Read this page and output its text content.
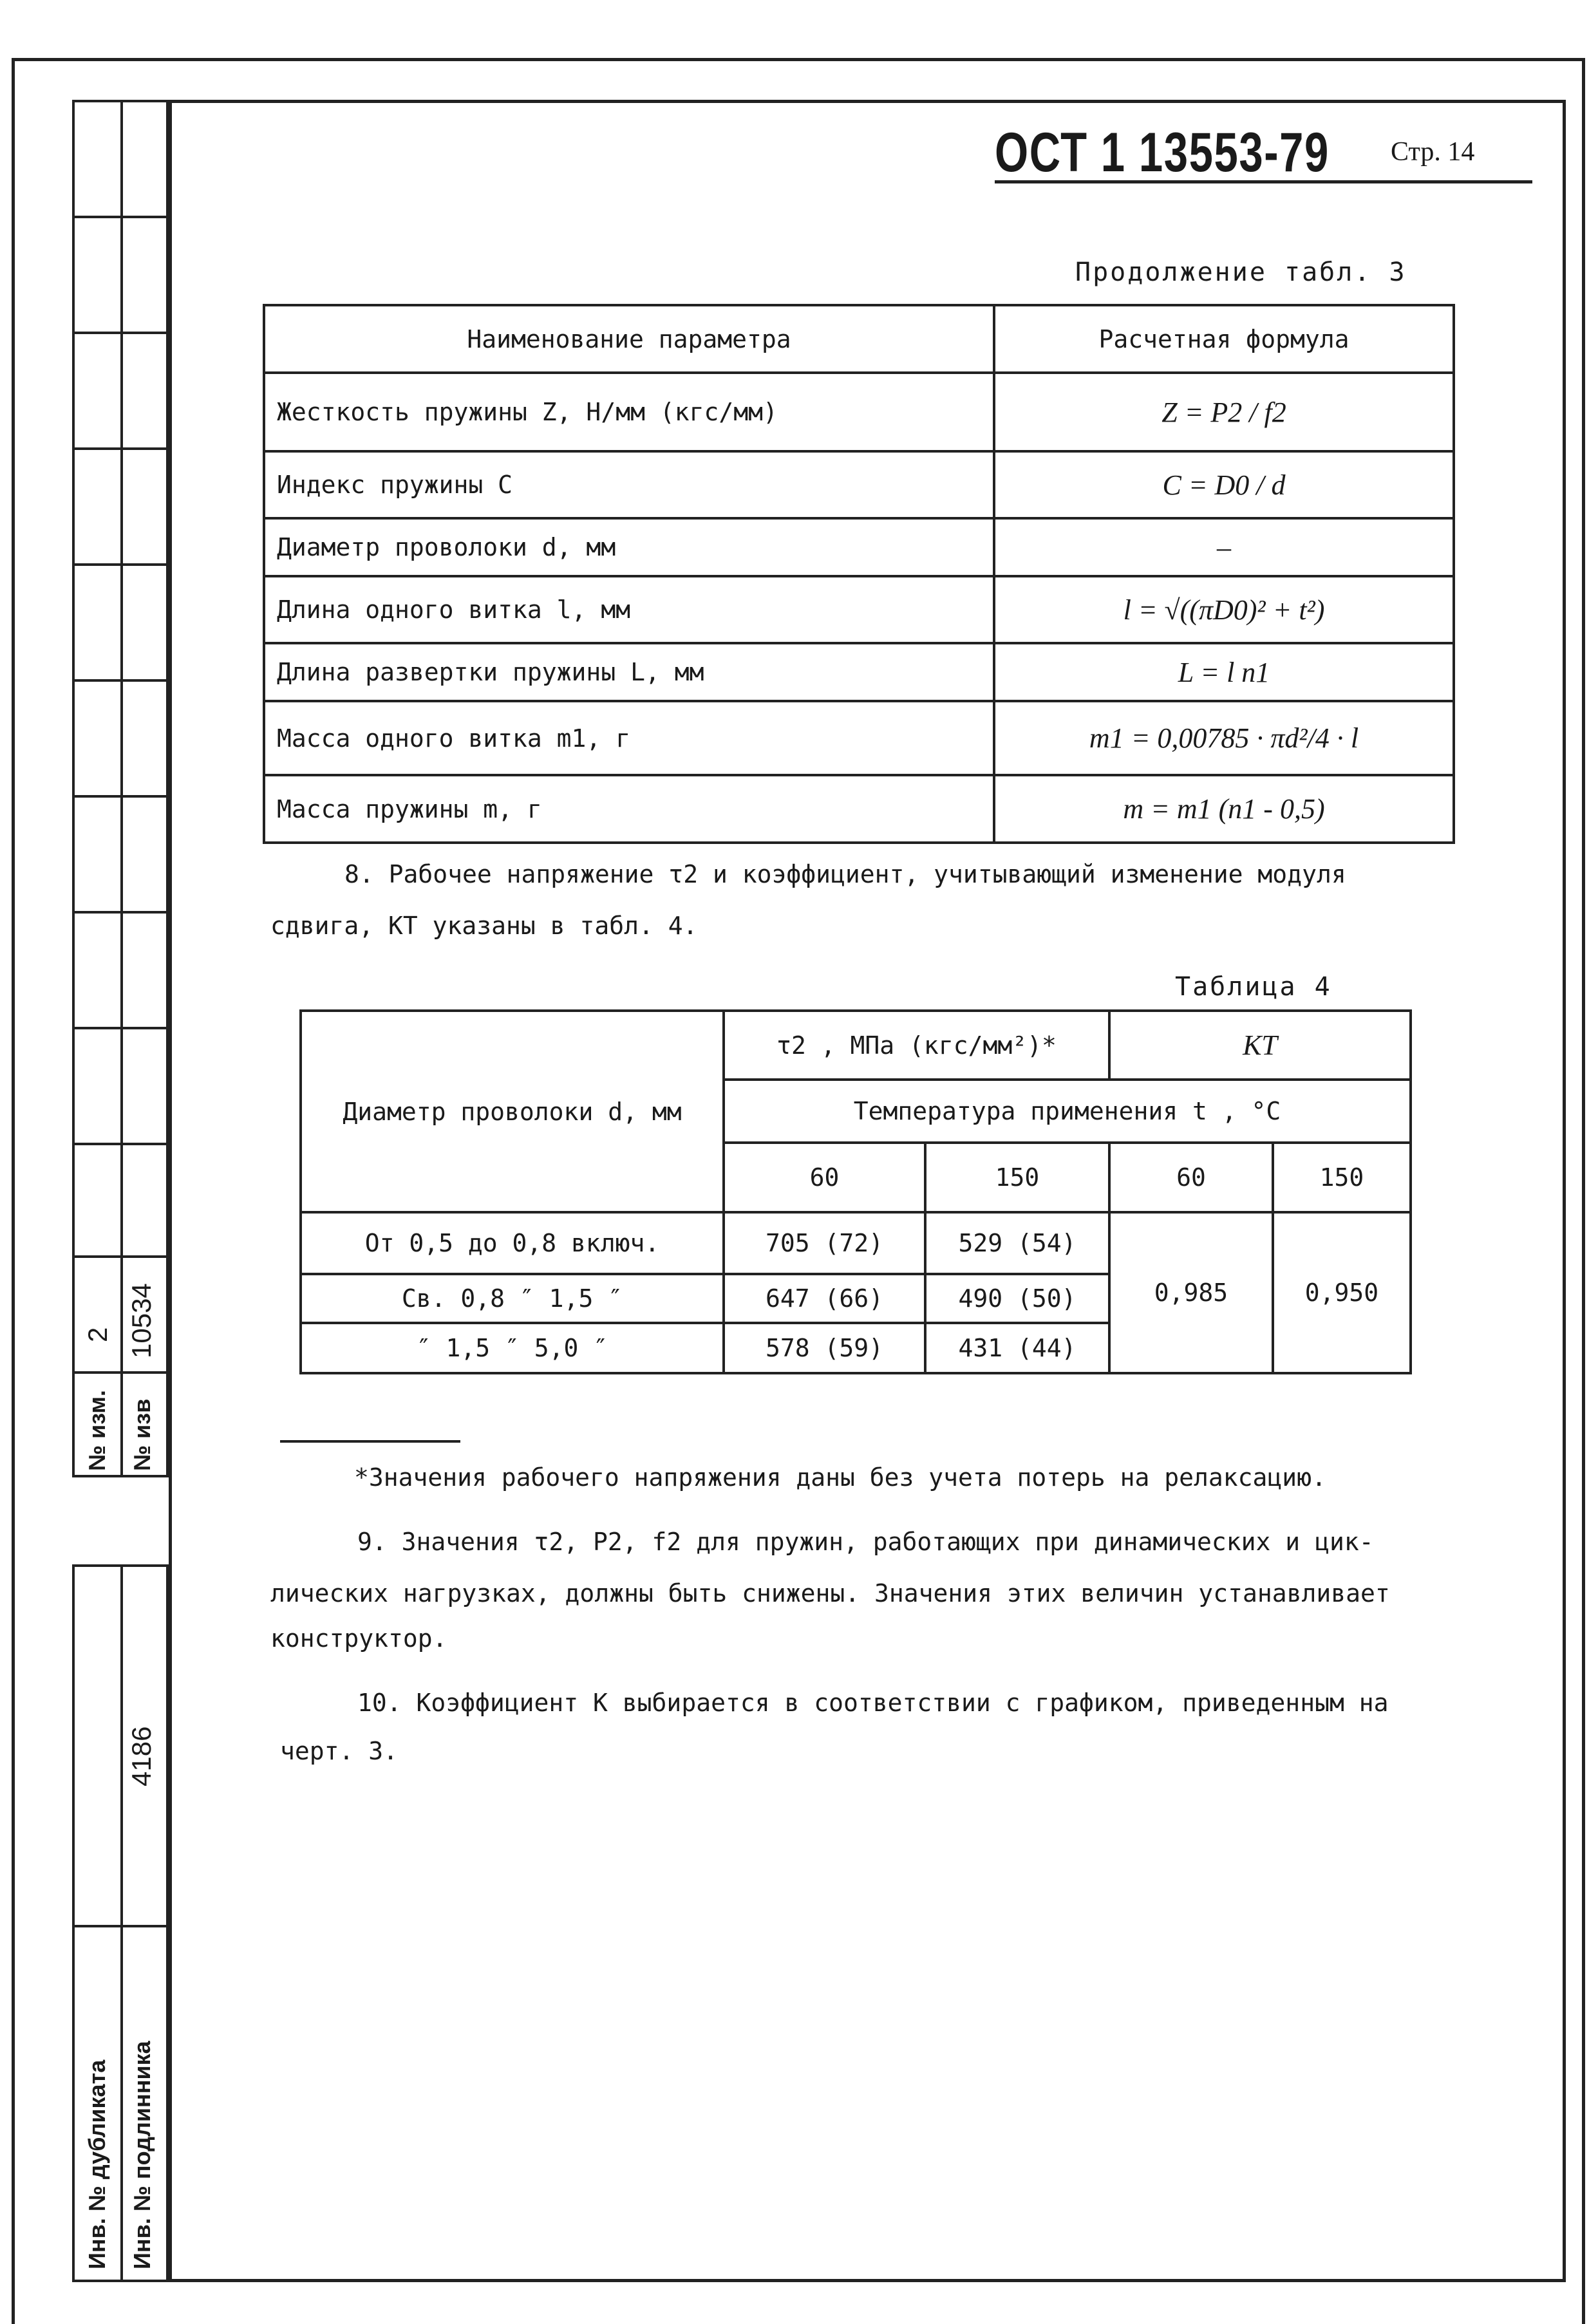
2 10534
№ изм. № изв
4186
Инв. № дубликата Инв. № подлинника
ОСТ 1 13553-79 Стр. 14
Продолжение табл. 3
Наименование параметра	Расчетная формула
Жесткость пружины Z, Н/мм (кгс/мм)	Z = P2 / f2
Индекс пружины C	C = D0 / d
Диаметр проволоки d, мм	–
Длина одного витка l, мм	l = √((πD0)² + t²)
Длина развертки пружины L, мм	L = l n1
Масса одного витка m1, г	m1 = 0,00785 · πd²/4 · l
Масса пружины m, г	m = m1 (n1 - 0,5)
8. Рабочее напряжение τ2 и коэффициент, учитывающий изменение модуля
сдвига, KT указаны в табл. 4.
Таблица 4
Диаметр проволоки d, мм	τ2 , МПа (кгс/мм²)*		KT	
	Температура применения t , °C			
	60	150	60	150
От 0,5 до 0,8 включ.	705 (72)	529 (54)	0,985	0,950
Св. 0,8 ″ 1,5 ″	647 (66)	490 (50)		
″ 1,5 ″ 5,0 ″	578 (59)	431 (44)		
*Значения рабочего напряжения даны без учета потерь на релаксацию.
9. Значения τ2, P2, f2 для пружин, работающих при динамических и цик-
лических нагрузках, должны быть снижены. Значения этих величин устанавливает
конструктор.
10. Коэффициент K выбирается в соответствии с графиком, приведенным на
черт. 3.
